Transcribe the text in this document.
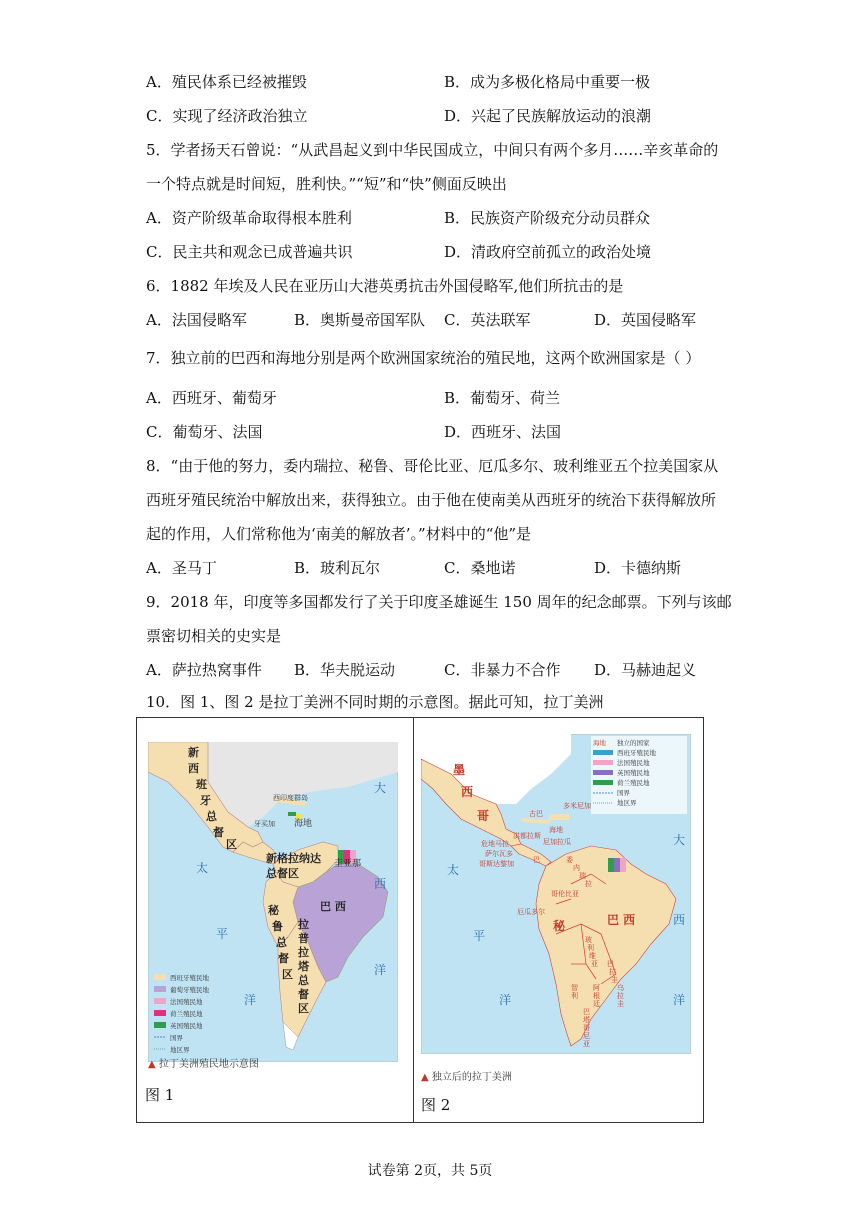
A．殖民体系已经被摧毁	B．成为多极化格局中重要一极
C．实现了经济政治独立	D．兴起了民族解放运动的浪潮
5．学者扬天石曾说：“从武昌起义到中华民国成立，中间只有两个多月……辛亥革命的
一个特点就是时间短，胜利快。”“短”和“快”侧面反映出
A．资产阶级革命取得根本胜利	B．民族资产阶级充分动员群众
C．民主共和观念已成普遍共识	D．清政府空前孤立的政治处境
6．1882 年埃及人民在亚历山大港英勇抗击外国侵略军,他们所抗击的是
A．法国侵略军	B．奥斯曼帝国军队 C．英法联军	D．英国侵略军
7．独立前的巴西和海地分别是两个欧洲国家统治的殖民地，这两个欧洲国家是（ ）
A．西班牙、葡萄牙	B．葡萄牙、荷兰
C．葡萄牙、法国	D．西班牙、法国
8．“由于他的努力，委内瑞拉、秘鲁、哥伦比亚、厄瓜多尔、玻利维亚五个拉美国家从
西班牙殖民统治中解放出来，获得独立。由于他在使南美从西班牙的统治下获得解放所
起的作用，人们常称他为‘南美的解放者’。”材料中的“他”是
A．圣马丁	B．玻利瓦尔	C．桑地诺	D．卡德纳斯
9．2018 年，印度等多国都发行了关于印度圣雄诞生 150 周年的纪念邮票。下列与该邮
票密切相关的史实是
A．萨拉热窝事件 B．华夫脱运动	C．非暴力不合作 D．马赫迪起义
10．图 1、图 2 是拉丁美洲不同时期的示意图。据此可知，拉丁美洲
新
西
班
牙
总
督
区
西印度群岛
牙买加 海地
新格拉纳达
总督区
圭亚那
巴 西
秘
鲁
总
督
区
拉
普
拉
塔
总
督
区
太
平
洋
大
西
洋
西班牙殖民地
葡萄牙殖民地
法国殖民地
荷兰殖民地
英国殖民地
国界
地区界
▲ 拉丁美洲殖民地示意图
图 1
墨
西
哥	古巴
多米尼加
海地
危地马拉
洪都拉斯
尼加拉瓜
萨尔瓦多
哥斯达黎加	巴	委
内
瑞
拉
哥伦比亚
厄瓜多尔
玻
利
维
亚 巴
拉
圭
智
利
阿
根
廷
乌
拉
圭
巴
塔
哥
尼
亚
秘	巴 西
太
平
洋
大
西
洋
海地 独立的国家
西班牙殖民地
法国殖民地
英国殖民地
荷兰殖民地
国界
地区界
▲ 独立后的拉丁美洲
图 2
试卷第 2页，共 5页
